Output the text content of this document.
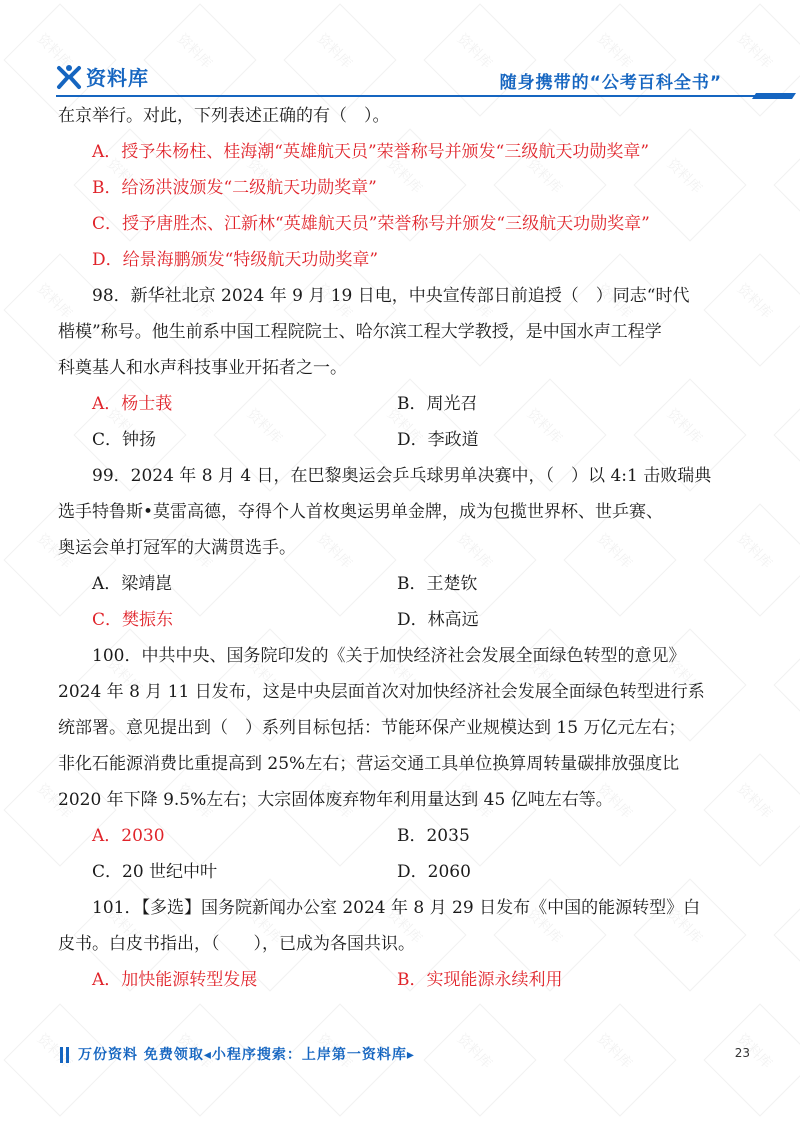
资料库
资料库
资料库
资料库
资料库
资料库
资料库
资料库
资料库
资料库
资料库
资料库
资料库
资料库
资料库
资料库
资料库
资料库
资料库
资料库
资料库
资料库
资料库
资料库
资料库
资料库
资料库
资料库
资料库
资料库
资料库
资料库
资料库
资料库
资料库
资料库
资料库
资料库
资料库
资料库
资料库
资料库
资料库
资料库
资料库
资料库
资料库
资料库
资料库
资料库
资料库
资料库
资料库
资料库
资料库	随身携带的“公考百科全书”
在京举行。对此，下列表述正确的有（　）。
A．授予朱杨柱、桂海潮“英雄航天员”荣誉称号并颁发“三级航天功勋奖章”
B．给汤洪波颁发“二级航天功勋奖章”
C．授予唐胜杰、江新林“英雄航天员”荣誉称号并颁发“三级航天功勋奖章”
D．给景海鹏颁发“特级航天功勋奖章”
98．新华社北京 2024 年 9 月 19 日电，中央宣传部日前追授（　）同志“时代
楷模”称号。他生前系中国工程院院士、哈尔滨工程大学教授，是中国水声工程学
科奠基人和水声科技事业开拓者之一。
A．杨士莪	B．周光召
C．钟扬	D．李政道
99．2024 年 8 月 4 日，在巴黎奥运会乒乓球男单决赛中，（　）以 4:1 击败瑞典
选手特鲁斯•莫雷高德，夺得个人首枚奥运男单金牌，成为包揽世界杯、世乒赛、
奥运会单打冠军的大满贯选手。
A．梁靖崑	B．王楚钦
C．樊振东	D．林高远
100．中共中央、国务院印发的《关于加快经济社会发展全面绿色转型的意见》
2024 年 8 月 11 日发布，这是中央层面首次对加快经济社会发展全面绿色转型进行系
统部署。意见提出到（　）系列目标包括：节能环保产业规模达到 15 万亿元左右；
非化石能源消费比重提高到 25%左右；营运交通工具单位换算周转量碳排放强度比
2020 年下降 9.5%左右；大宗固体废弃物年利用量达到 45 亿吨左右等。
A．2030	B．2035
C．20 世纪中叶	D．2060
101．【多选】国务院新闻办公室 2024 年 8 月 29 日发布《中国的能源转型》白
皮书。白皮书指出，（　　），已成为各国共识。
A．加快能源转型发展	B．实现能源永续利用
万份资料 免费领取◂小程序搜索：上岸第一资料库▸	23
